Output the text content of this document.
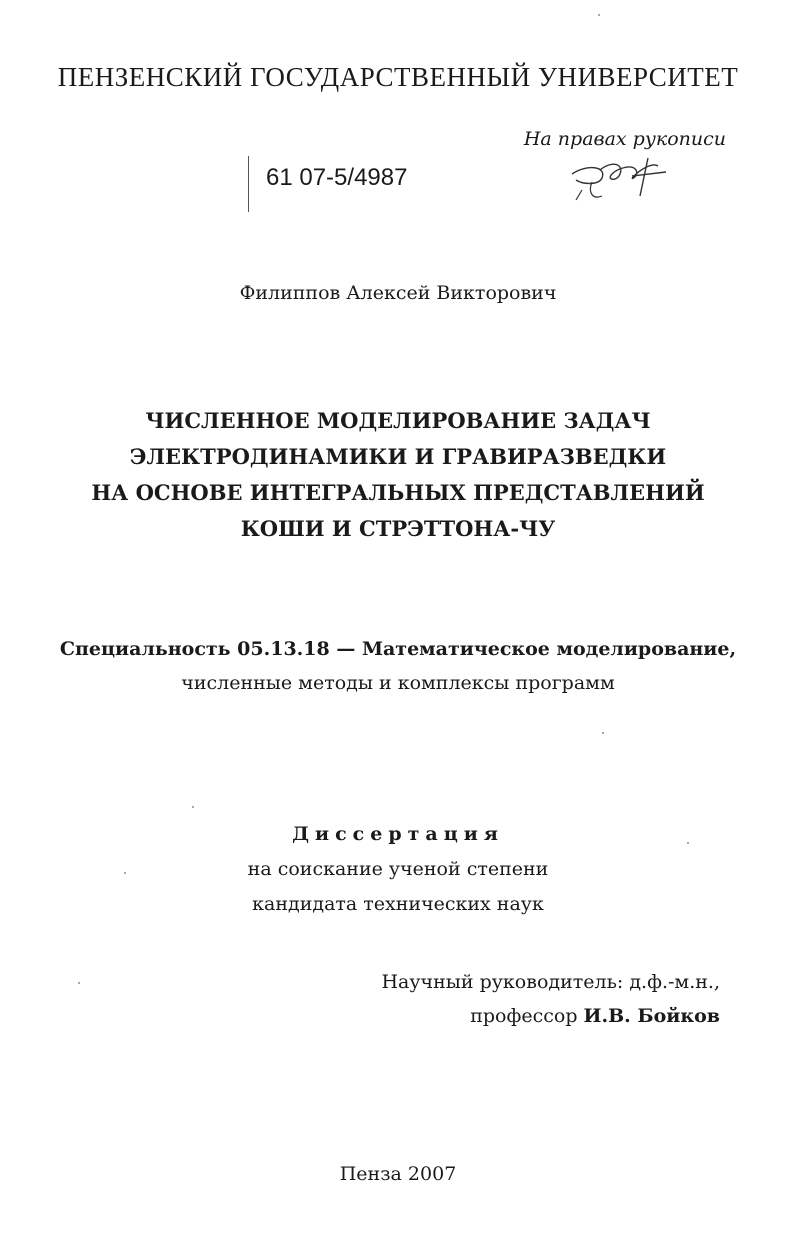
ПЕНЗЕНСКИЙ ГОСУДАРСТВЕННЫЙ УНИВЕРСИТЕТ
На правах рукописи
61 07-5/4987
Филиппов Алексей Викторович
ЧИСЛЕННОЕ МОДЕЛИРОВАНИЕ ЗАДАЧ
ЭЛЕКТРОДИНАМИКИ И ГРАВИРАЗВЕДКИ
НА ОСНОВЕ ИНТЕГРАЛЬНЫХ ПРЕДСТАВЛЕНИЙ
КОШИ И СТРЭТТОНА-ЧУ
Специальность 05.13.18 — Математическое моделирование,
численные методы и комплексы программ
Диссертация
на соискание ученой степени
кандидата технических наук
Научный руководитель: д.ф.-м.н.,
профессор И.В. Бойков
Пенза 2007
